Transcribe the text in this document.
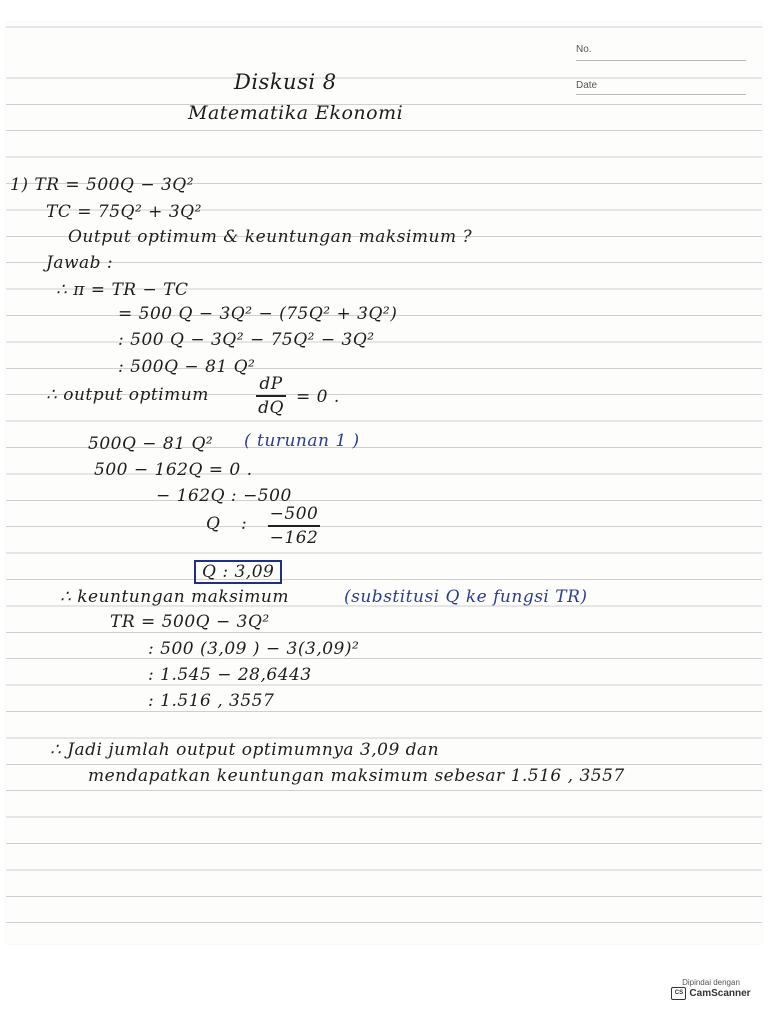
No.
Date
Diskusi 8
Matematika Ekonomi
1) TR = 500Q − 3Q²
TC = 75Q² + 3Q²
Output optimum & keuntungan maksimum ?
Jawab :
∴ π = TR − TC
= 500 Q − 3Q² − (75Q² + 3Q²)
: 500 Q − 3Q² − 75Q² − 3Q²
: 500Q − 81 Q²
∴ output optimum
dP
dQ
= 0 .
500Q − 81 Q² ( turunan 1 )
500 − 162Q = 0 .
− 162Q : −500
Q : −500
−162
Q : 3,09
∴ keuntungan maksimum	(substitusi Q ke fungsi TR)
TR = 500Q − 3Q²
: 500 (3,09 ) − 3(3,09)²
: 1.545 − 28,6443
: 1.516 , 3557
∴ Jadi jumlah output optimumnya 3,09 dan
mendapatkan keuntungan maksimum sebesar 1.516 , 3557
Dipindai dengan
CS CamScanner
